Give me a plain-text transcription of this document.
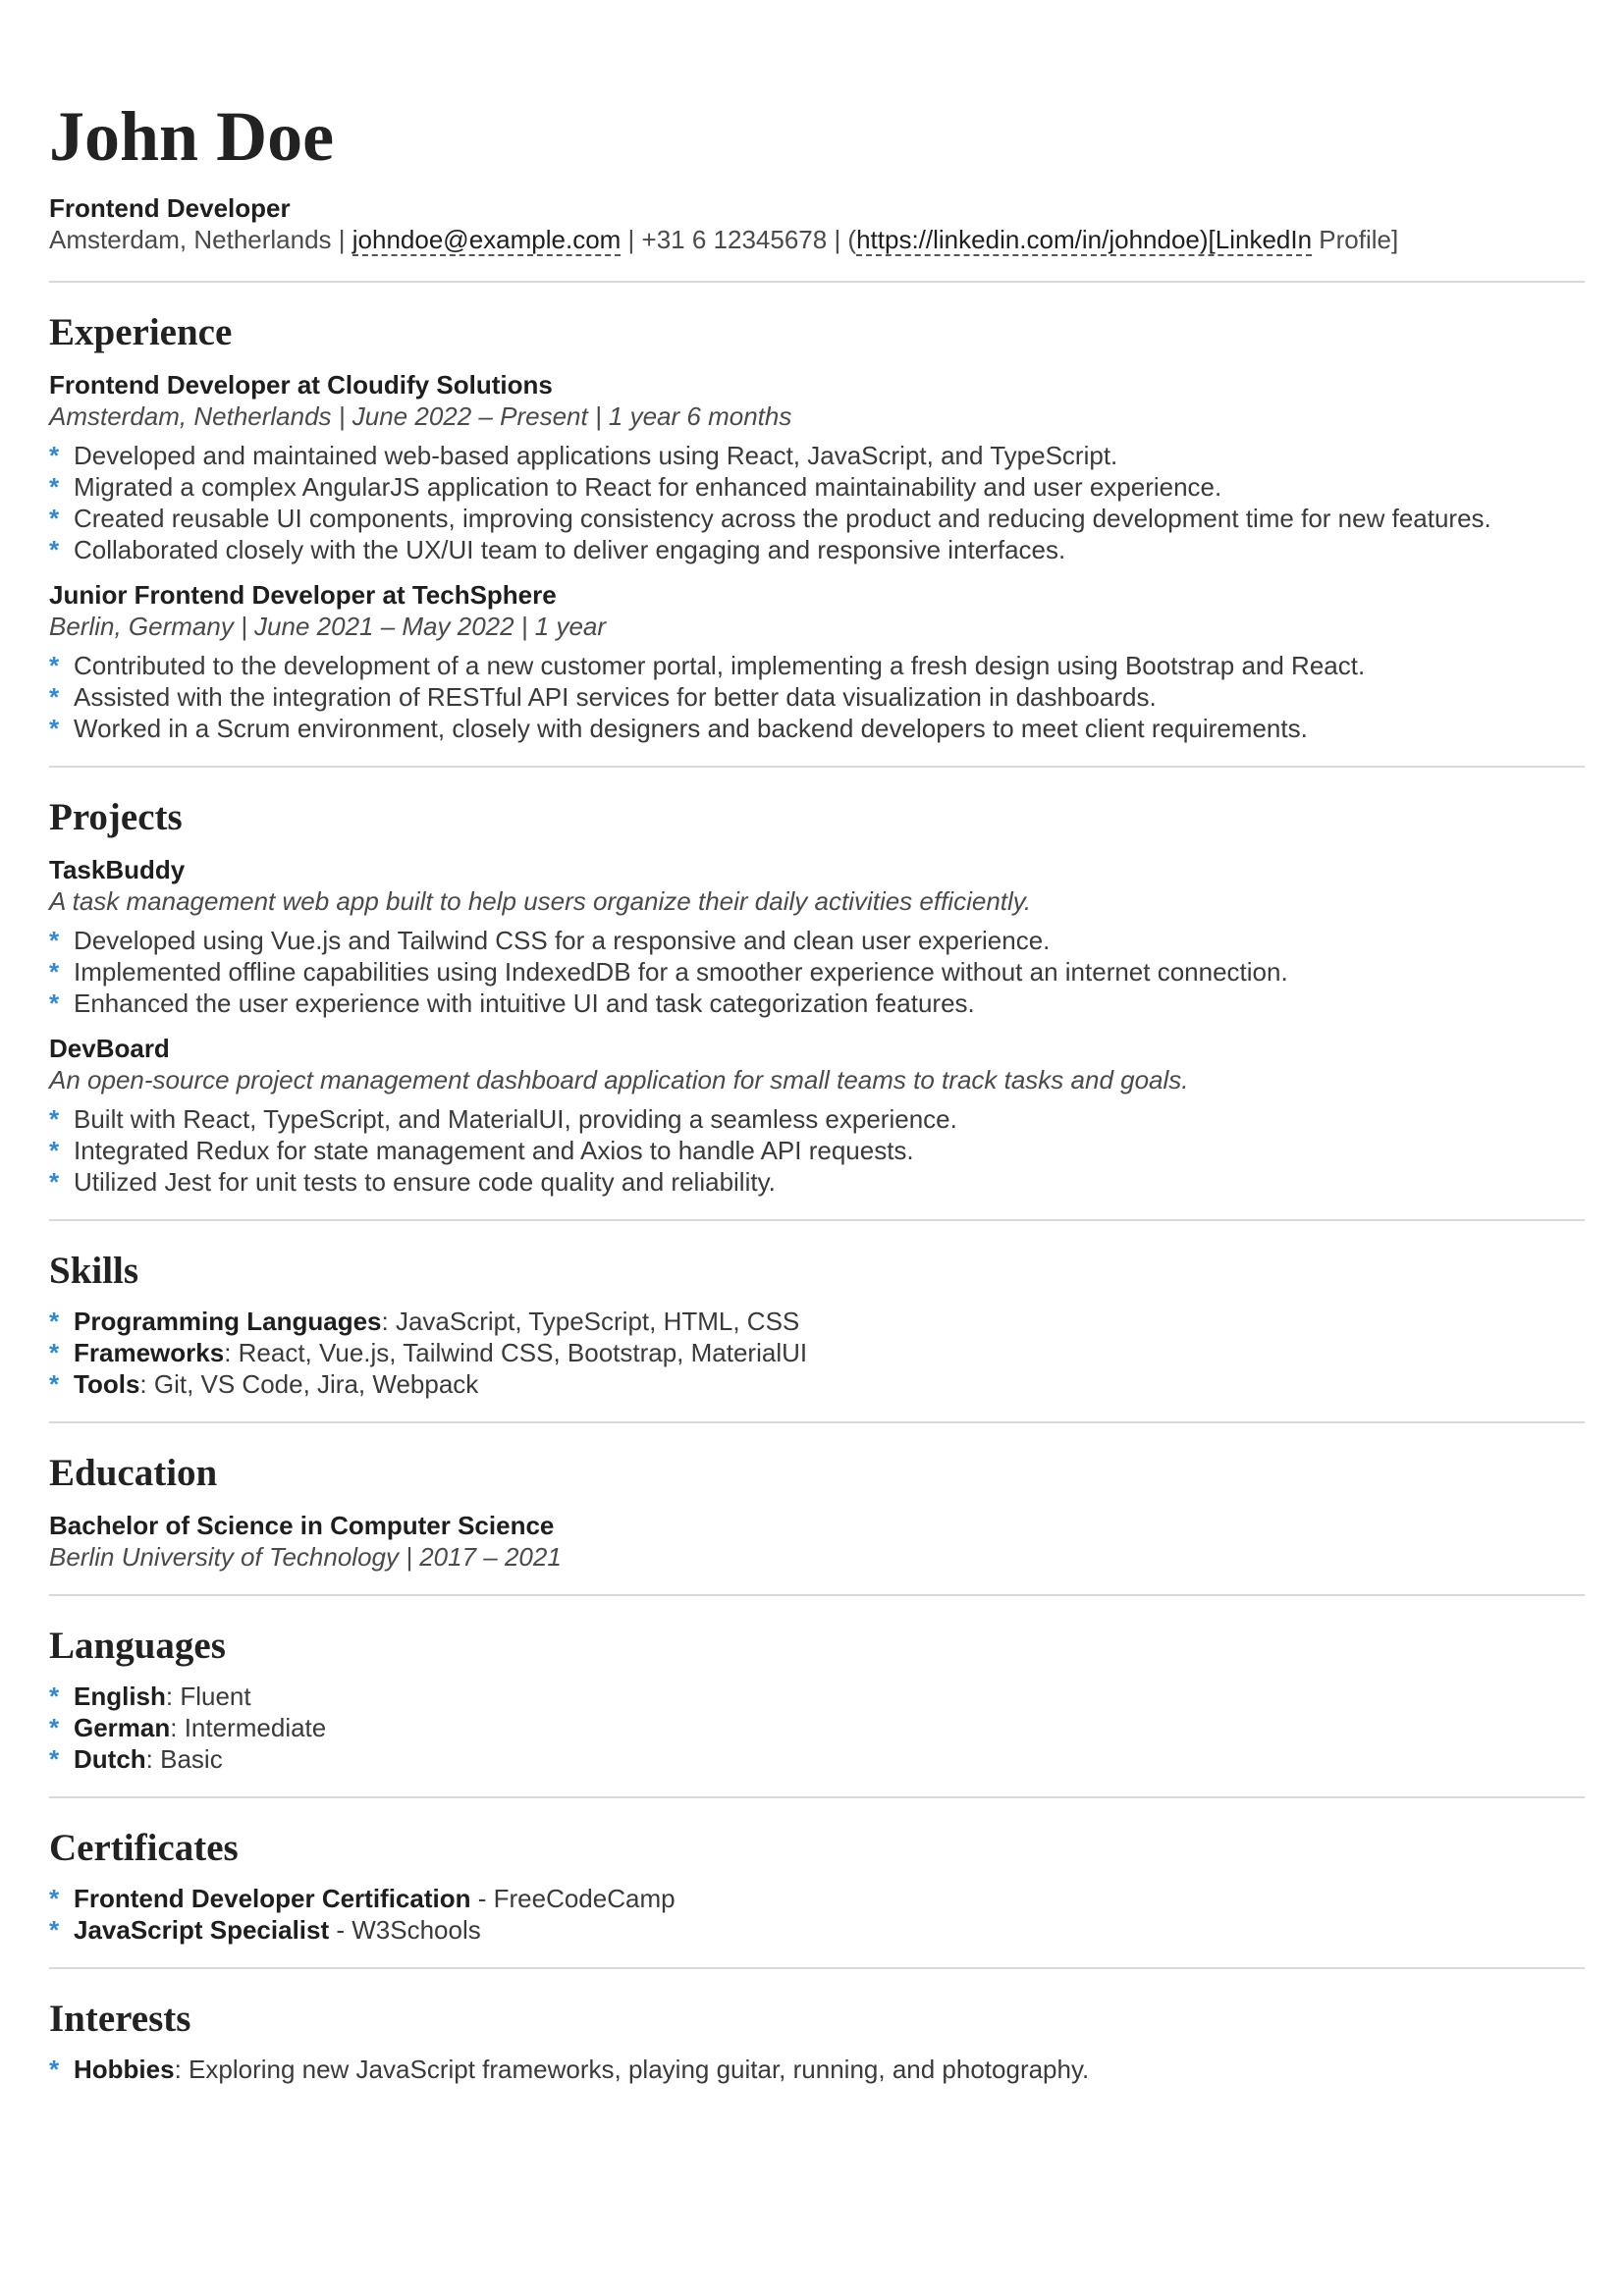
John Doe
Frontend Developer
Amsterdam, Netherlands | johndoe@example.com | +31 6 12345678 | (https://linkedin.com/in/johndoe)[LinkedIn Profile]
Experience
Frontend Developer at Cloudify Solutions
Amsterdam, Netherlands | June 2022 – Present | 1 year 6 months
* Developed and maintained web-based applications using React, JavaScript, and TypeScript.
* Migrated a complex AngularJS application to React for enhanced maintainability and user experience.
* Created reusable UI components, improving consistency across the product and reducing development time for new features.
* Collaborated closely with the UX/UI team to deliver engaging and responsive interfaces.
Junior Frontend Developer at TechSphere
Berlin, Germany | June 2021 – May 2022 | 1 year
* Contributed to the development of a new customer portal, implementing a fresh design using Bootstrap and React.
* Assisted with the integration of RESTful API services for better data visualization in dashboards.
* Worked in a Scrum environment, closely with designers and backend developers to meet client requirements.
Projects
TaskBuddy
A task management web app built to help users organize their daily activities efficiently.
* Developed using Vue.js and Tailwind CSS for a responsive and clean user experience.
* Implemented offline capabilities using IndexedDB for a smoother experience without an internet connection.
* Enhanced the user experience with intuitive UI and task categorization features.
DevBoard
An open-source project management dashboard application for small teams to track tasks and goals.
* Built with React, TypeScript, and MaterialUI, providing a seamless experience.
* Integrated Redux for state management and Axios to handle API requests.
* Utilized Jest for unit tests to ensure code quality and reliability.
Skills
* Programming Languages: JavaScript, TypeScript, HTML, CSS
* Frameworks: React, Vue.js, Tailwind CSS, Bootstrap, MaterialUI
* Tools: Git, VS Code, Jira, Webpack
Education
Bachelor of Science in Computer Science
Berlin University of Technology | 2017 – 2021
Languages
* English: Fluent
* German: Intermediate
* Dutch: Basic
Certificates
* Frontend Developer Certification - FreeCodeCamp
* JavaScript Specialist - W3Schools
Interests
* Hobbies: Exploring new JavaScript frameworks, playing guitar, running, and photography.
